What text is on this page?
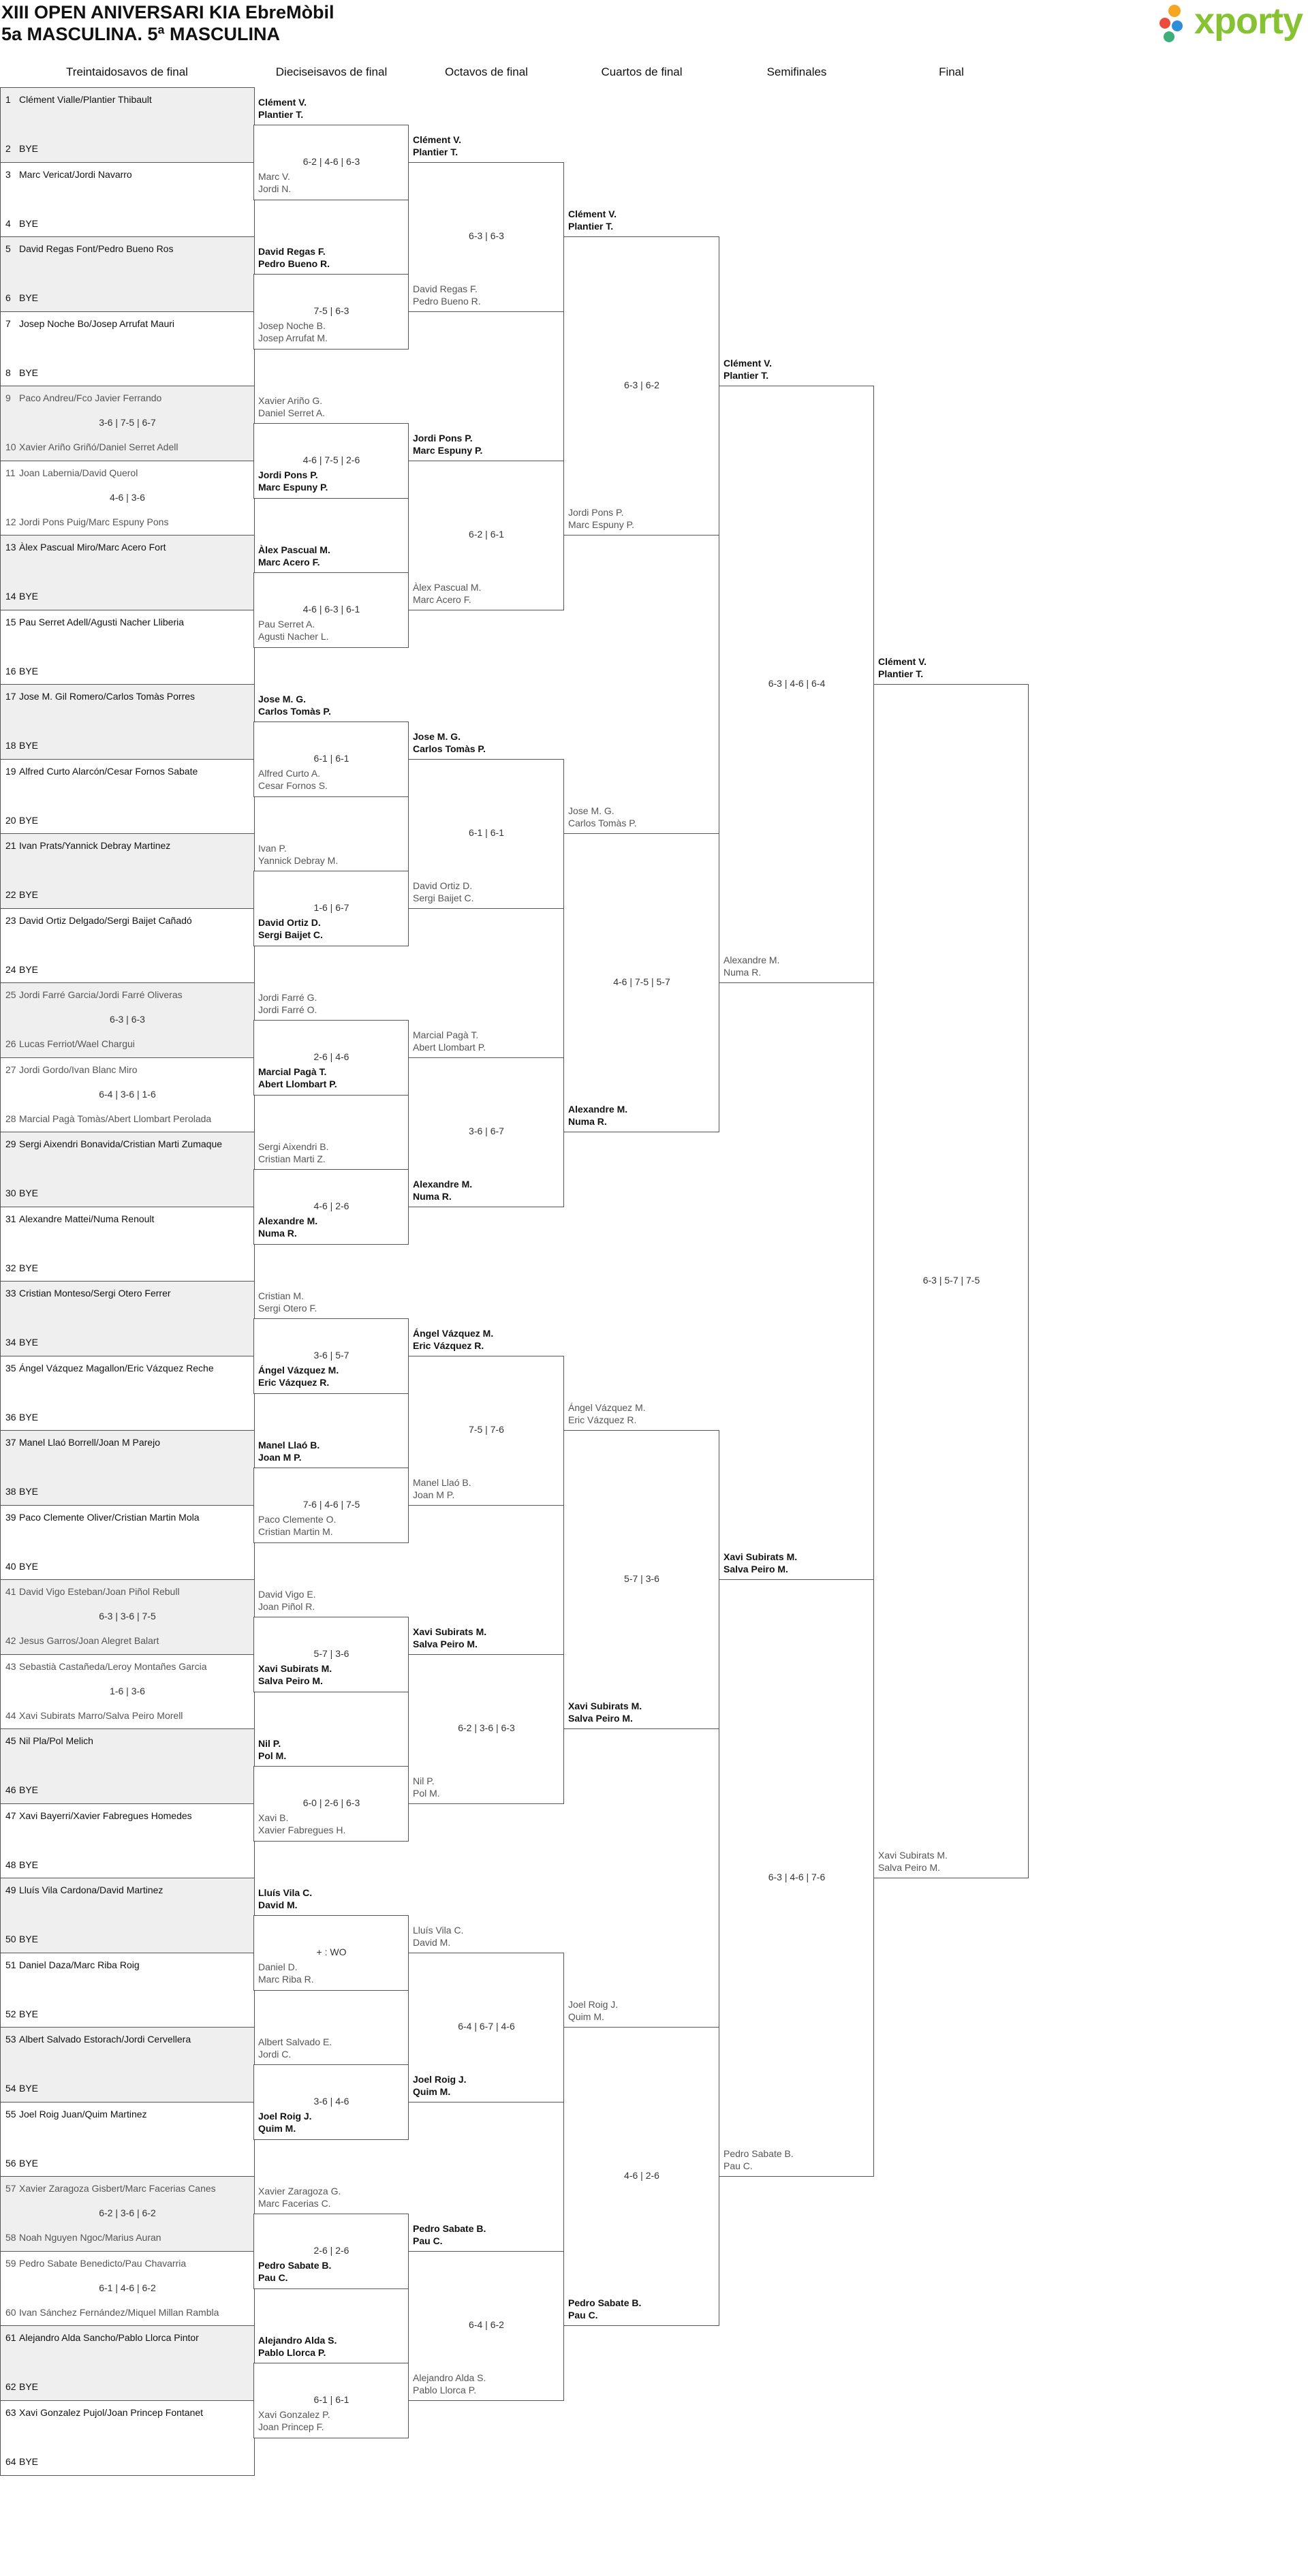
XIII OPEN ANIVERSARI KIA EbreMòbil
5a MASCULINA. 5ª MASCULINA	xporty
Treintaidosavos de final	Dieciseisavos de final	Octavos de final	Cuartos de final	Semifinales	Final
1 Clément Vialle/Plantier Thibault
2 BYE
3 Marc Vericat/Jordi Navarro
4 BYE
5 David Regas Font/Pedro Bueno Ros
6 BYE
7 Josep Noche Bo/Josep Arrufat Mauri
8 BYE
9 Paco Andreu/Fco Javier Ferrando
10 Xavier Ariño Griñó/Daniel Serret Adell
3-6 | 7-5 | 6-7
11 Joan Labernia/David Querol
12 Jordi Pons Puig/Marc Espuny Pons
4-6 | 3-6
13 Àlex Pascual Miro/Marc Acero Fort
14 BYE
15 Pau Serret Adell/Agusti Nacher Lliberia
16 BYE
17 Jose M. Gil Romero/Carlos Tomàs Porres
18 BYE
19 Alfred Curto Alarcón/Cesar Fornos Sabate
20 BYE
21 Ivan Prats/Yannick Debray Martinez
22 BYE
23 David Ortiz Delgado/Sergi Baijet Cañadó
24 BYE
25 Jordi Farré Garcia/Jordi Farré Oliveras
26 Lucas Ferriot/Wael Chargui
6-3 | 6-3
27 Jordi Gordo/Ivan Blanc Miro
28 Marcial Pagà Tomàs/Abert Llombart Perolada
6-4 | 3-6 | 1-6
29 Sergi Aixendri Bonavida/Cristian Marti Zumaque
30 BYE
31 Alexandre Mattei/Numa Renoult
32 BYE
33 Cristian Monteso/Sergi Otero Ferrer
34 BYE
35 Ángel Vázquez Magallon/Eric Vázquez Reche
36 BYE
37 Manel Llaó Borrell/Joan M Parejo
38 BYE
39 Paco Clemente Oliver/Cristian Martin Mola
40 BYE
41 David Vigo Esteban/Joan Piñol Rebull
42 Jesus Garros/Joan Alegret Balart
6-3 | 3-6 | 7-5
43 Sebastià Castañeda/Leroy Montañes Garcia
44 Xavi Subirats Marro/Salva Peiro Morell
1-6 | 3-6
45 Nil Pla/Pol Melich
46 BYE
47 Xavi Bayerri/Xavier Fabregues Homedes
48 BYE
49 Lluís Vila Cardona/David Martinez
50 BYE
51 Daniel Daza/Marc Riba Roig
52 BYE
53 Albert Salvado Estorach/Jordi Cervellera
54 BYE
55 Joel Roig Juan/Quim Martinez
56 BYE
57 Xavier Zaragoza Gisbert/Marc Facerias Canes
58 Noah Nguyen Ngoc/Marius Auran
6-2 | 3-6 | 6-2
59 Pedro Sabate Benedicto/Pau Chavarria
60 Ivan Sánchez Fernández/Miquel Millan Rambla
6-1 | 4-6 | 6-2
61 Alejandro Alda Sancho/Pablo Llorca Pintor
62 BYE
63 Xavi Gonzalez Pujol/Joan Princep Fontanet
64 BYE
Clément V.
Plantier T.
Marc V.
Jordi N.
6-2 | 4-6 | 6-3
David Regas F.
Pedro Bueno R.
Josep Noche B.
Josep Arrufat M.
7-5 | 6-3
Xavier Ariño G.
Daniel Serret A.
Jordi Pons P.
Marc Espuny P.
4-6 | 7-5 | 2-6
Àlex Pascual M.
Marc Acero F.
Pau Serret A.
Agusti Nacher L.
4-6 | 6-3 | 6-1
Jose M. G.
Carlos Tomàs P.
Alfred Curto A.
Cesar Fornos S.
6-1 | 6-1
Ivan P.
Yannick Debray M.
David Ortiz D.
Sergi Baijet C.
1-6 | 6-7
Jordi Farré G.
Jordi Farré O.
Marcial Pagà T.
Abert Llombart P.
2-6 | 4-6
Sergi Aixendri B.
Cristian Marti Z.
Alexandre M.
Numa R.
4-6 | 2-6
Cristian M.
Sergi Otero F.
Ángel Vázquez M.
Eric Vázquez R.
3-6 | 5-7
Manel Llaó B.
Joan M P.
Paco Clemente O.
Cristian Martin M.
7-6 | 4-6 | 7-5
David Vigo E.
Joan Piñol R.
Xavi Subirats M.
Salva Peiro M.
5-7 | 3-6
Nil P.
Pol M.
Xavi B.
Xavier Fabregues H.
6-0 | 2-6 | 6-3
Lluís Vila C.
David M.
Daniel D.
Marc Riba R.
+ : WO
Albert Salvado E.
Jordi C.
Joel Roig J.
Quim M.
3-6 | 4-6
Xavier Zaragoza G.
Marc Facerias C.
Pedro Sabate B.
Pau C.
2-6 | 2-6
Alejandro Alda S.
Pablo Llorca P.
Xavi Gonzalez P.
Joan Princep F.
6-1 | 6-1
Clément V.
Plantier T.
David Regas F.
Pedro Bueno R.
6-3 | 6-3
Jordi Pons P.
Marc Espuny P.
Àlex Pascual M.
Marc Acero F.
6-2 | 6-1
Jose M. G.
Carlos Tomàs P.
David Ortiz D.
Sergi Baijet C.
6-1 | 6-1
Marcial Pagà T.
Abert Llombart P.
Alexandre M.
Numa R.
3-6 | 6-7
Ángel Vázquez M.
Eric Vázquez R.
Manel Llaó B.
Joan M P.
7-5 | 7-6
Xavi Subirats M.
Salva Peiro M.
Nil P.
Pol M.
6-2 | 3-6 | 6-3
Lluís Vila C.
David M.
Joel Roig J.
Quim M.
6-4 | 6-7 | 4-6
Pedro Sabate B.
Pau C.
Alejandro Alda S.
Pablo Llorca P.
6-4 | 6-2
Clément V.
Plantier T.
Jordi Pons P.
Marc Espuny P.
6-3 | 6-2
Jose M. G.
Carlos Tomàs P.
Alexandre M.
Numa R.
4-6 | 7-5 | 5-7
Ángel Vázquez M.
Eric Vázquez R.
Xavi Subirats M.
Salva Peiro M.
5-7 | 3-6
Joel Roig J.
Quim M.
Pedro Sabate B.
Pau C.
4-6 | 2-6
Clément V.
Plantier T.
Alexandre M.
Numa R.
6-3 | 4-6 | 6-4
Xavi Subirats M.
Salva Peiro M.
Pedro Sabate B.
Pau C.
6-3 | 4-6 | 7-6
Clément V.
Plantier T.
Xavi Subirats M.
Salva Peiro M.
6-3 | 5-7 | 7-5
